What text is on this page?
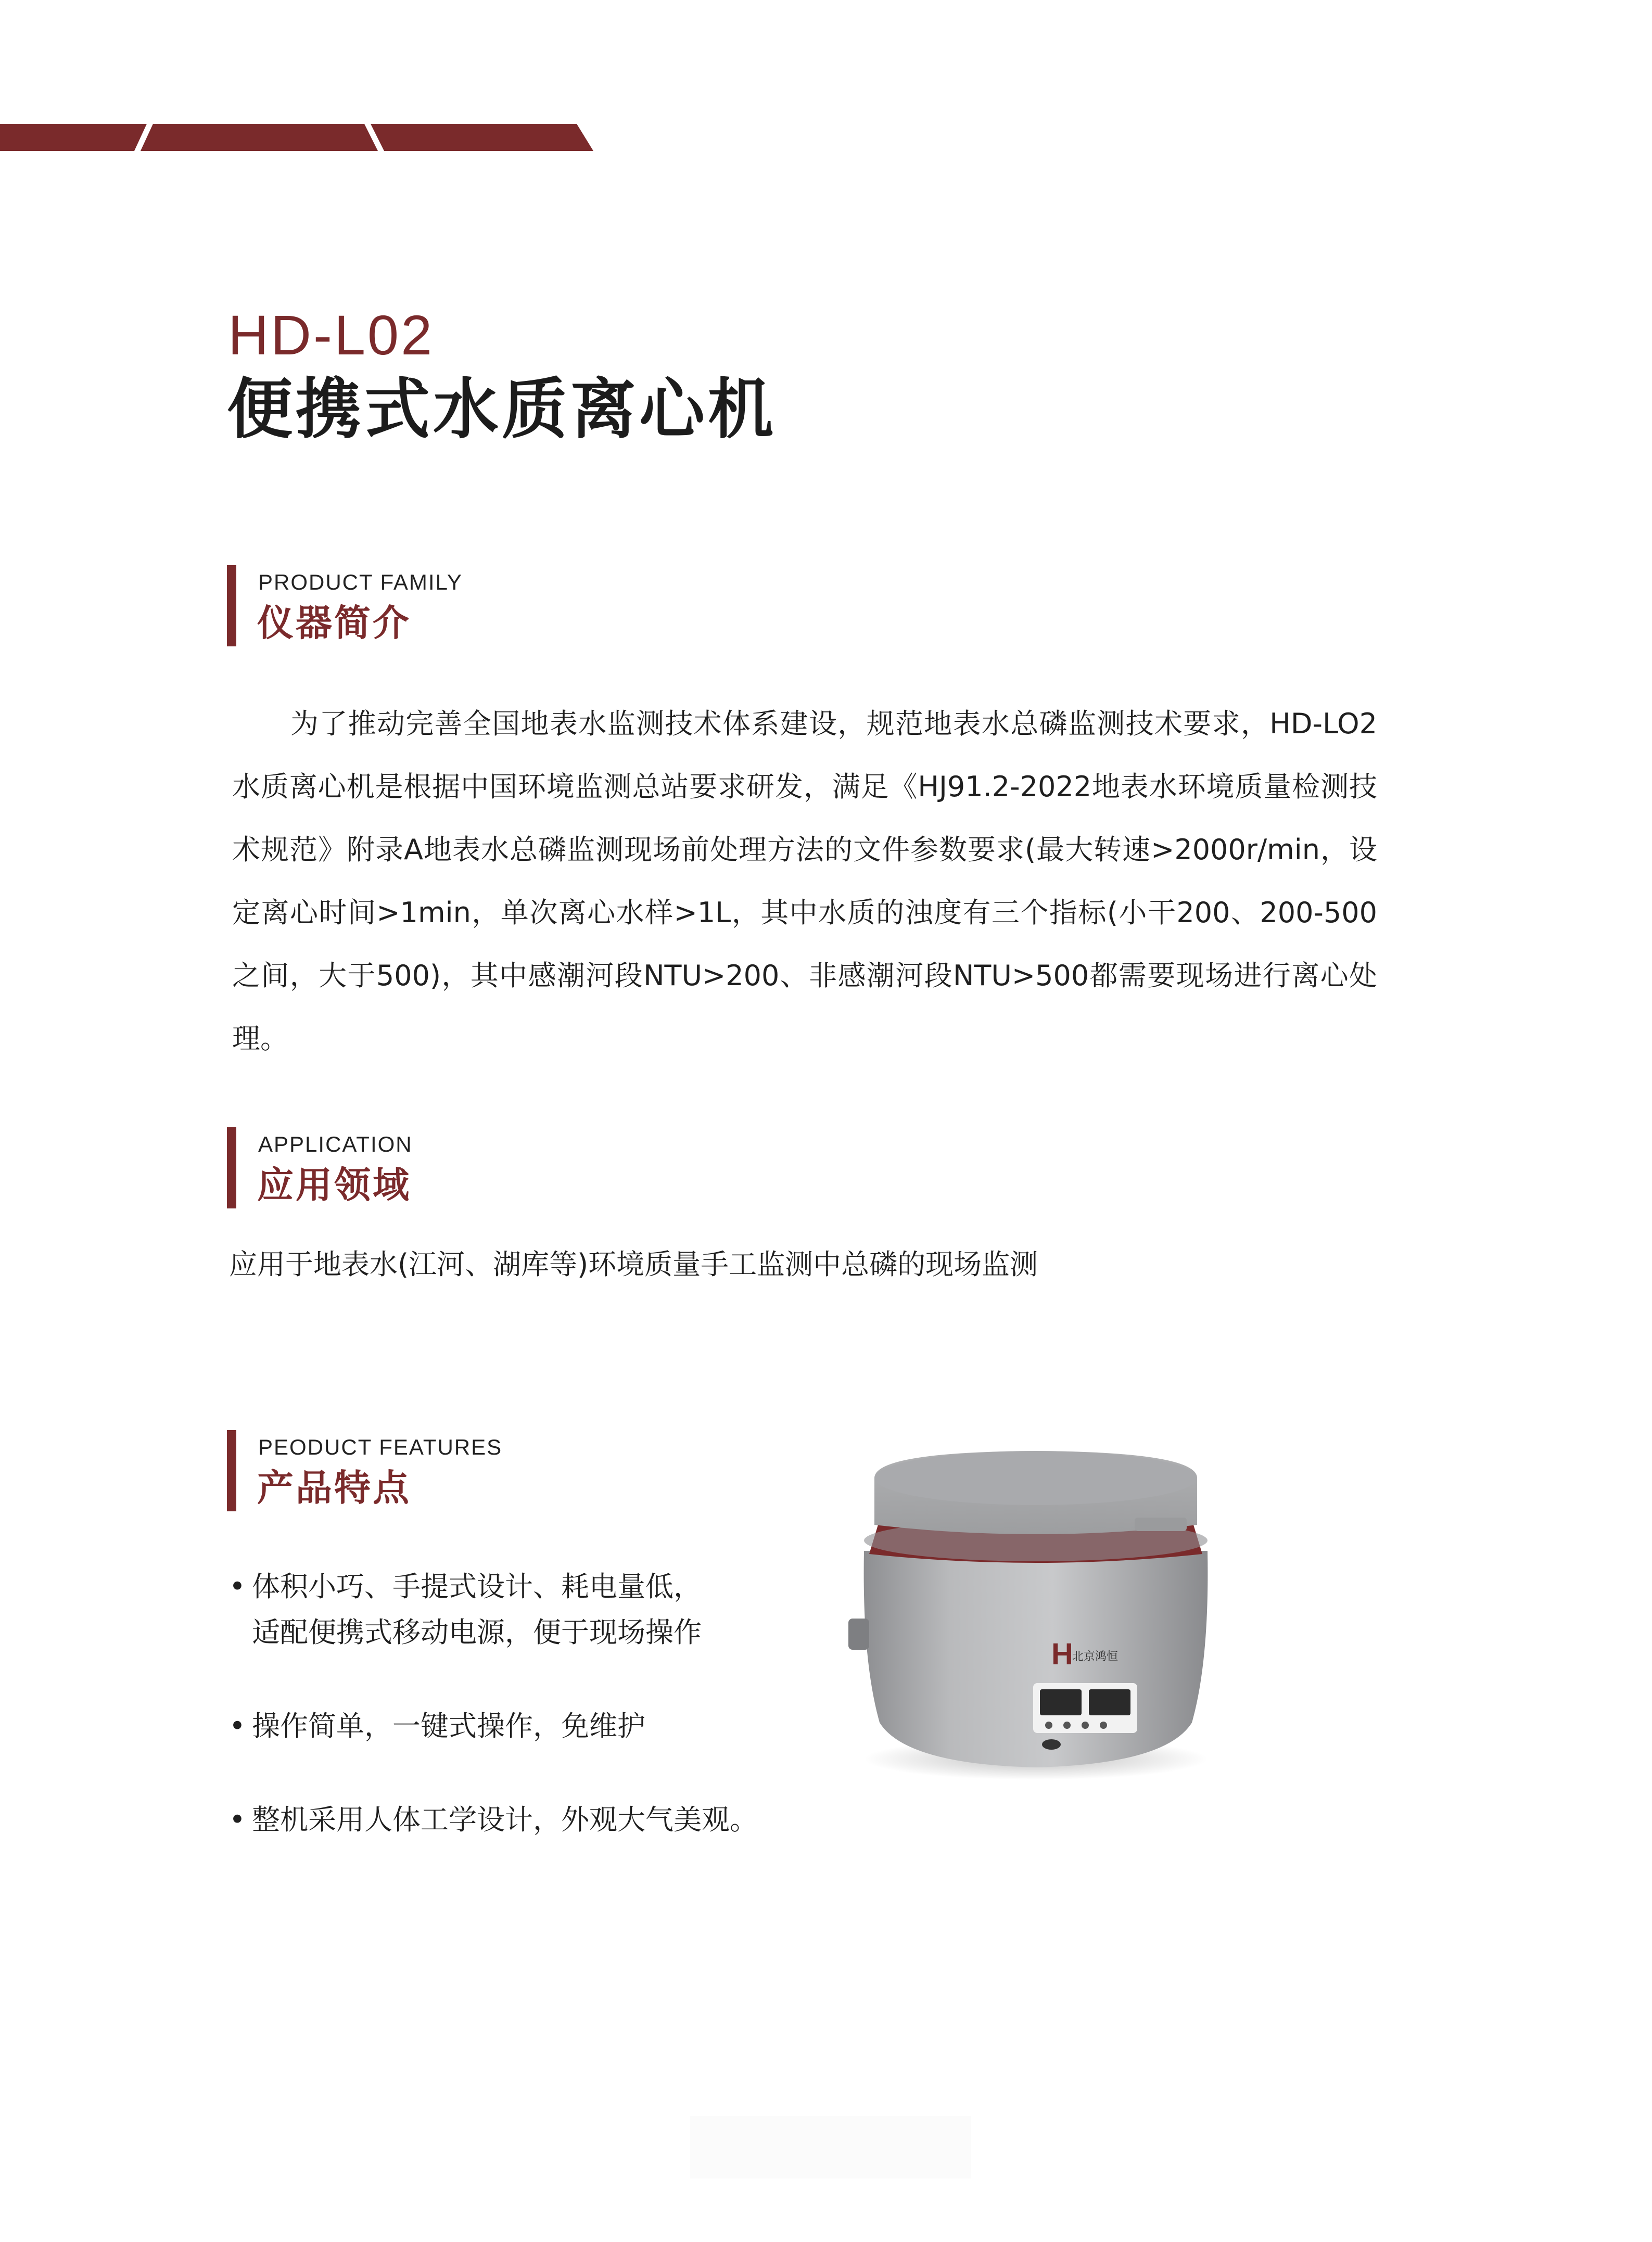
HD-L02
便携式水质离心机
PRODUCT FAMILY
仪器简介

为了推动完善全国地表水监测技术体系建设，规范地表水总磷监测技术要求，HD-LO2水质离心机是根据中国环境监测总站要求研发，满足《HJ91.2-2022地表水环境质量检测技术规范》附录A地表水总磷监测现场前处理方法的文件参数要求(最大转速>2000r/min，设定离心时间>1min，单次离心水样>1L，其中水质的浊度有三个指标(小干200、200-500之间，大于500)，其中感潮河段NTU>200、非感潮河段NTU>500都需要现场进行离心处理。

APPLICATION
应用领域
应用于地表水(江河、湖库等)环境质量手工监测中总磷的现场监测
PEODUCT FEATURES
产品特点
• 体积小巧、手提式设计、耗电量低，
适配便携式移动电源，便于现场操作
• 操作简单，一键式操作，免维护
• 整机采用人体工学设计，外观大气美观。
H
北京鸿恒
